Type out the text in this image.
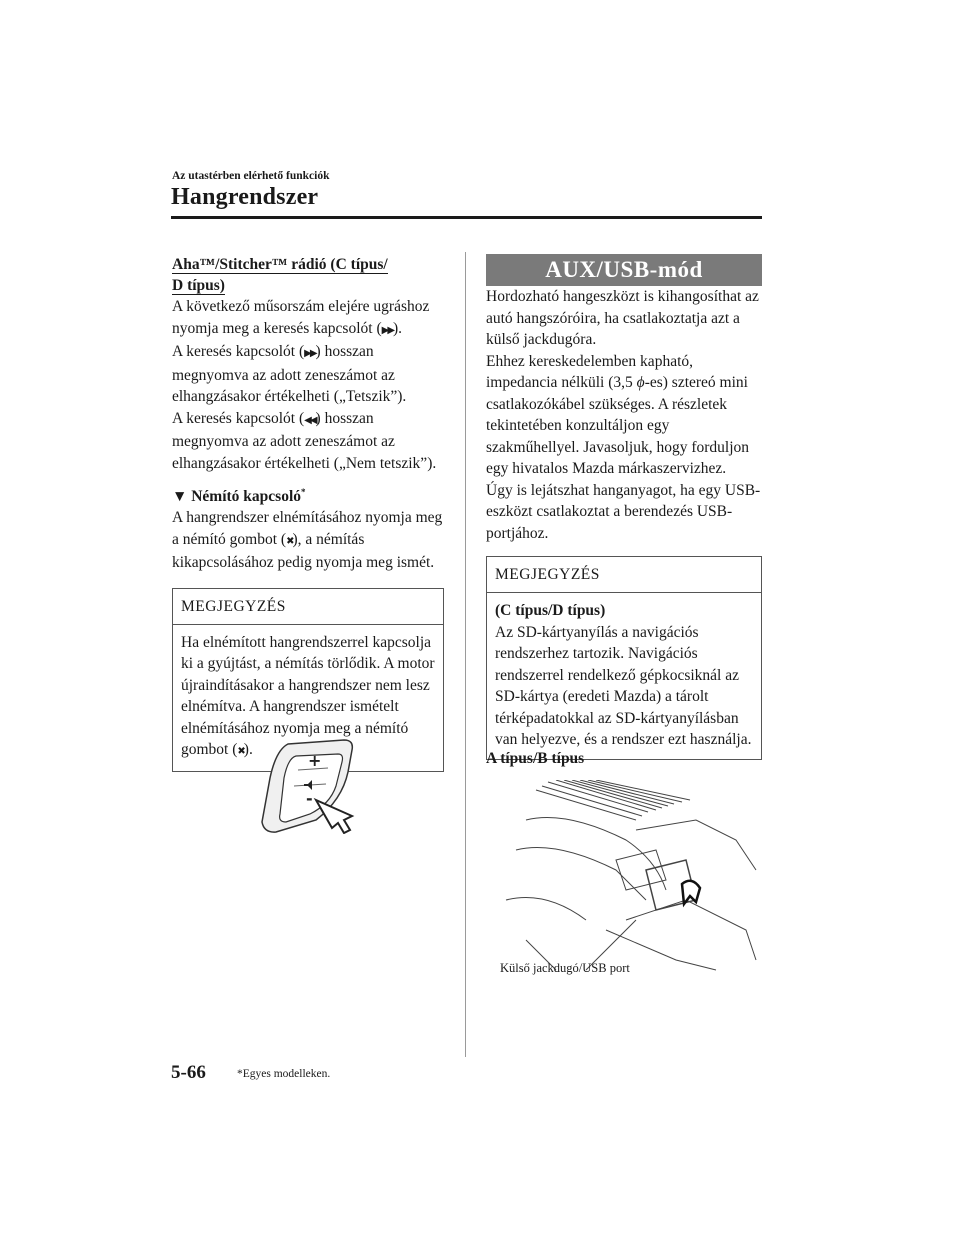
Az utastérben elérhető funkciók
Hangrendszer
Aha™/Stitcher™ rádió (C típus/
D típus)

A következő műsorszám elejére ugráshoz nyomja meg a keresés kapcsolót (▶▶).
A keresés kapcsolót (▶▶) hosszan megnyomva az adott zeneszámot az elhangzásakor értékelheti („Tetszik”).
A keresés kapcsolót (◀◀) hosszan megnyomva az adott zeneszámot az elhangzásakor értékelheti („Nem tetszik”).

▼ Némító kapcsoló*

A hangrendszer elnémításához nyomja meg a némító gombot (✖), a némítás kikapcsolásához pedig nyomja meg ismét.

MEGJEGYZÉS
Ha elnémított hangrendszerrel kapcsolja ki a gyújtást, a némítás törlődik. A motor újraindításakor a hangrendszer nem lesz elnémítva. A hangrendszer ismételt elnémításához nyomja meg a némító gombot (✖).
+
-
AUX/USB-mód

Hordozható hangeszközt is kihangosíthat az autó hangszóróira, ha csatlakoztatja azt a külső jackdugóra.

Ehhez kereskedelemben kapható, impedancia nélküli (3,5 ϕ-es) sztereó mini csatlakozókábel szükséges. A részletek tekintetében konzultáljon egy szakműhellyel. Javasoljuk, hogy forduljon egy hivatalos Mazda márkaszervizhez.

Úgy is lejátszhat hanganyagot, ha egy USB-eszközt csatlakoztat a berendezés USB-portjához.

MEGJEGYZÉS
(C típus/D típus)
Az SD-kártyanyílás a navigációs rendszerhez tartozik. Navigációs rendszerrel rendelkező gépkocsiknál az SD-kártya (eredeti Mazda) a tárolt térképadatokkal az SD-kártyanyílásban van helyezve, és a rendszer ezt használja.
A típus/B típus
Külső jackdugó/USB port
5-66	*Egyes modelleken.
